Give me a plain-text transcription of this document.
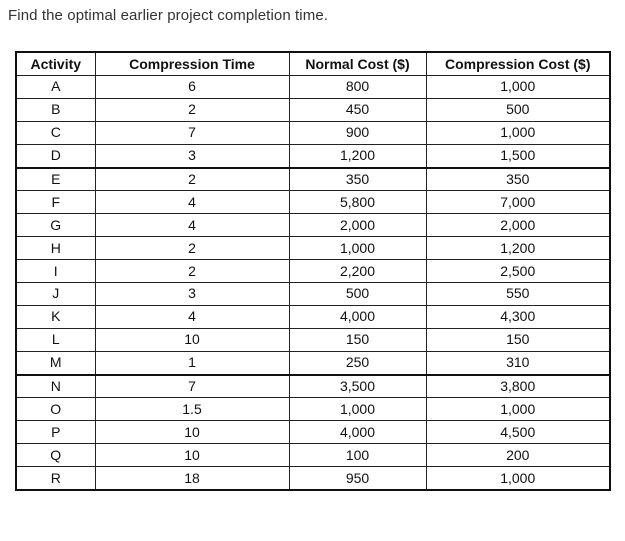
Find the optimal earlier project completion time.
Activity	Compression Time	Normal Cost ($)	Compression Cost ($)
A	6	800	1,000
B	2	450	500
C	7	900	1,000
D	3	1,200	1,500
E	2	350	350
F	4	5,800	7,000
G	4	2,000	2,000
H	2	1,000	1,200
I	2	2,200	2,500
J	3	500	550
K	4	4,000	4,300
L	10	150	150
M	1	250	310
N	7	3,500	3,800
O	1.5	1,000	1,000
P	10	4,000	4,500
Q	10	100	200
R	18	950	1,000
